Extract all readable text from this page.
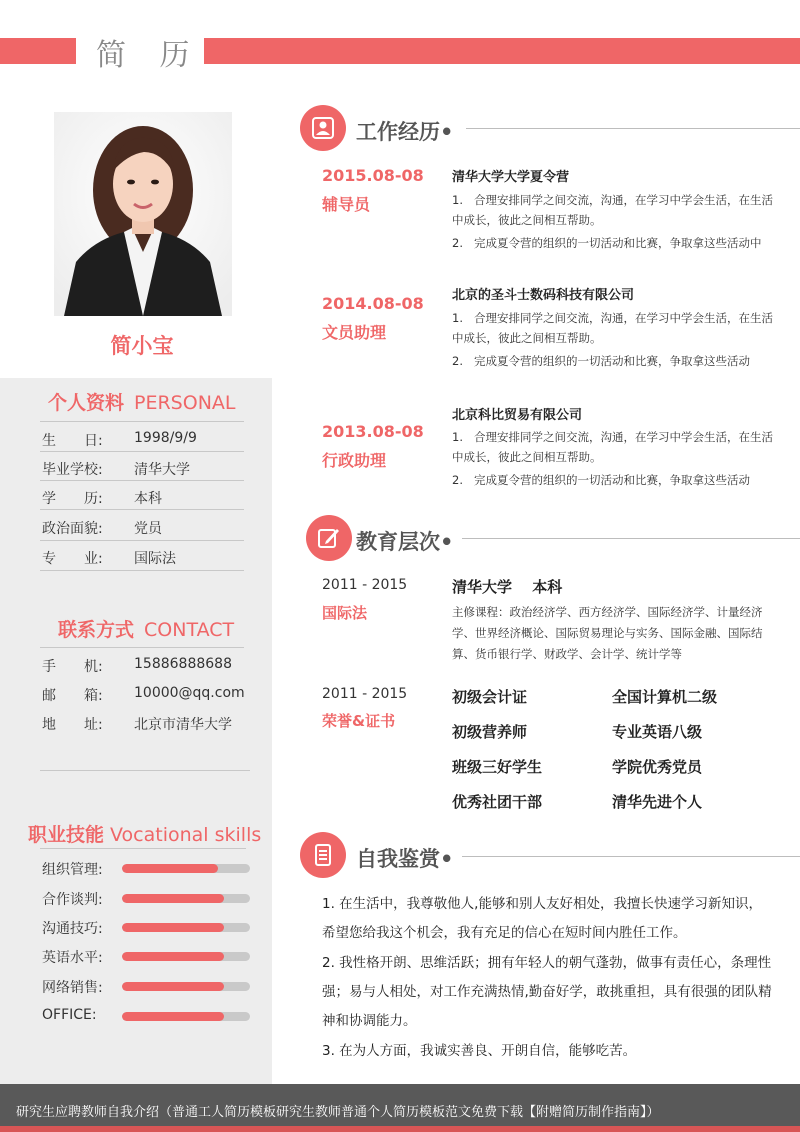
简 历
简小宝
个人资料 PERSONAL
生　　日: 1998/9/9
毕业学校: 清华大学
学　　历: 本科
政治面貌: 党员
专　　业: 国际法
联系方式 CONTACT
手　　机: 15886888688
邮　　箱: 10000@qq.com
地　　址: 北京市清华大学
职业技能 Vocational skills
组织管理:
合作谈判:
沟通技巧:
英语水平:
网络销售:
OFFICE:
工作经历•
2015.08-08
辅导员
清华大学大学夏令营
1. 合理安排同学之间交流，沟通，在学习中学会生活，在生活中成长，彼此之间相互帮助。
2. 完成夏令营的组织的一切活动和比赛，争取拿这些活动中
2014.08-08
文员助理
北京的圣斗士数码科技有限公司
1. 合理安排同学之间交流，沟通，在学习中学会生活，在生活中成长，彼此之间相互帮助。
2. 完成夏令营的组织的一切活动和比赛，争取拿这些活动
2013.08-08
行政助理
北京科比贸易有限公司
1. 合理安排同学之间交流，沟通，在学习中学会生活，在生活中成长，彼此之间相互帮助。
2. 完成夏令营的组织的一切活动和比赛，争取拿这些活动
教育层次•
2011 - 2015
国际法
清华大学　 本科
主修课程：政治经济学、西方经济学、国际经济学、计量经济学、世界经济概论、国际贸易理论与实务、国际金融、国际结算、货币银行学、财政学、会计学、统计学等
2011 - 2015
荣誉&证书
初级会计证	全国计算机二级
初级营养师	专业英语八级
班级三好学生	学院优秀党员
优秀社团干部	清华先进个人
自我鉴赏•

1. 在生活中，我尊敬他人,能够和别人友好相处，我擅长快速学习新知识，希望您给我这个机会，我有充足的信心在短时间内胜任工作。

2. 我性格开朗、思维活跃；拥有年轻人的朝气蓬勃，做事有责任心，条理性强；易与人相处，对工作充满热情,勤奋好学，敢挑重担，具有很强的团队精神和协调能力。

3. 在为人方面，我诚实善良、开朗自信，能够吃苦。

研究生应聘教师自我介绍（普通工人简历模板研究生教师普通个人简历模板范文免费下载【附赠简历制作指南】）
